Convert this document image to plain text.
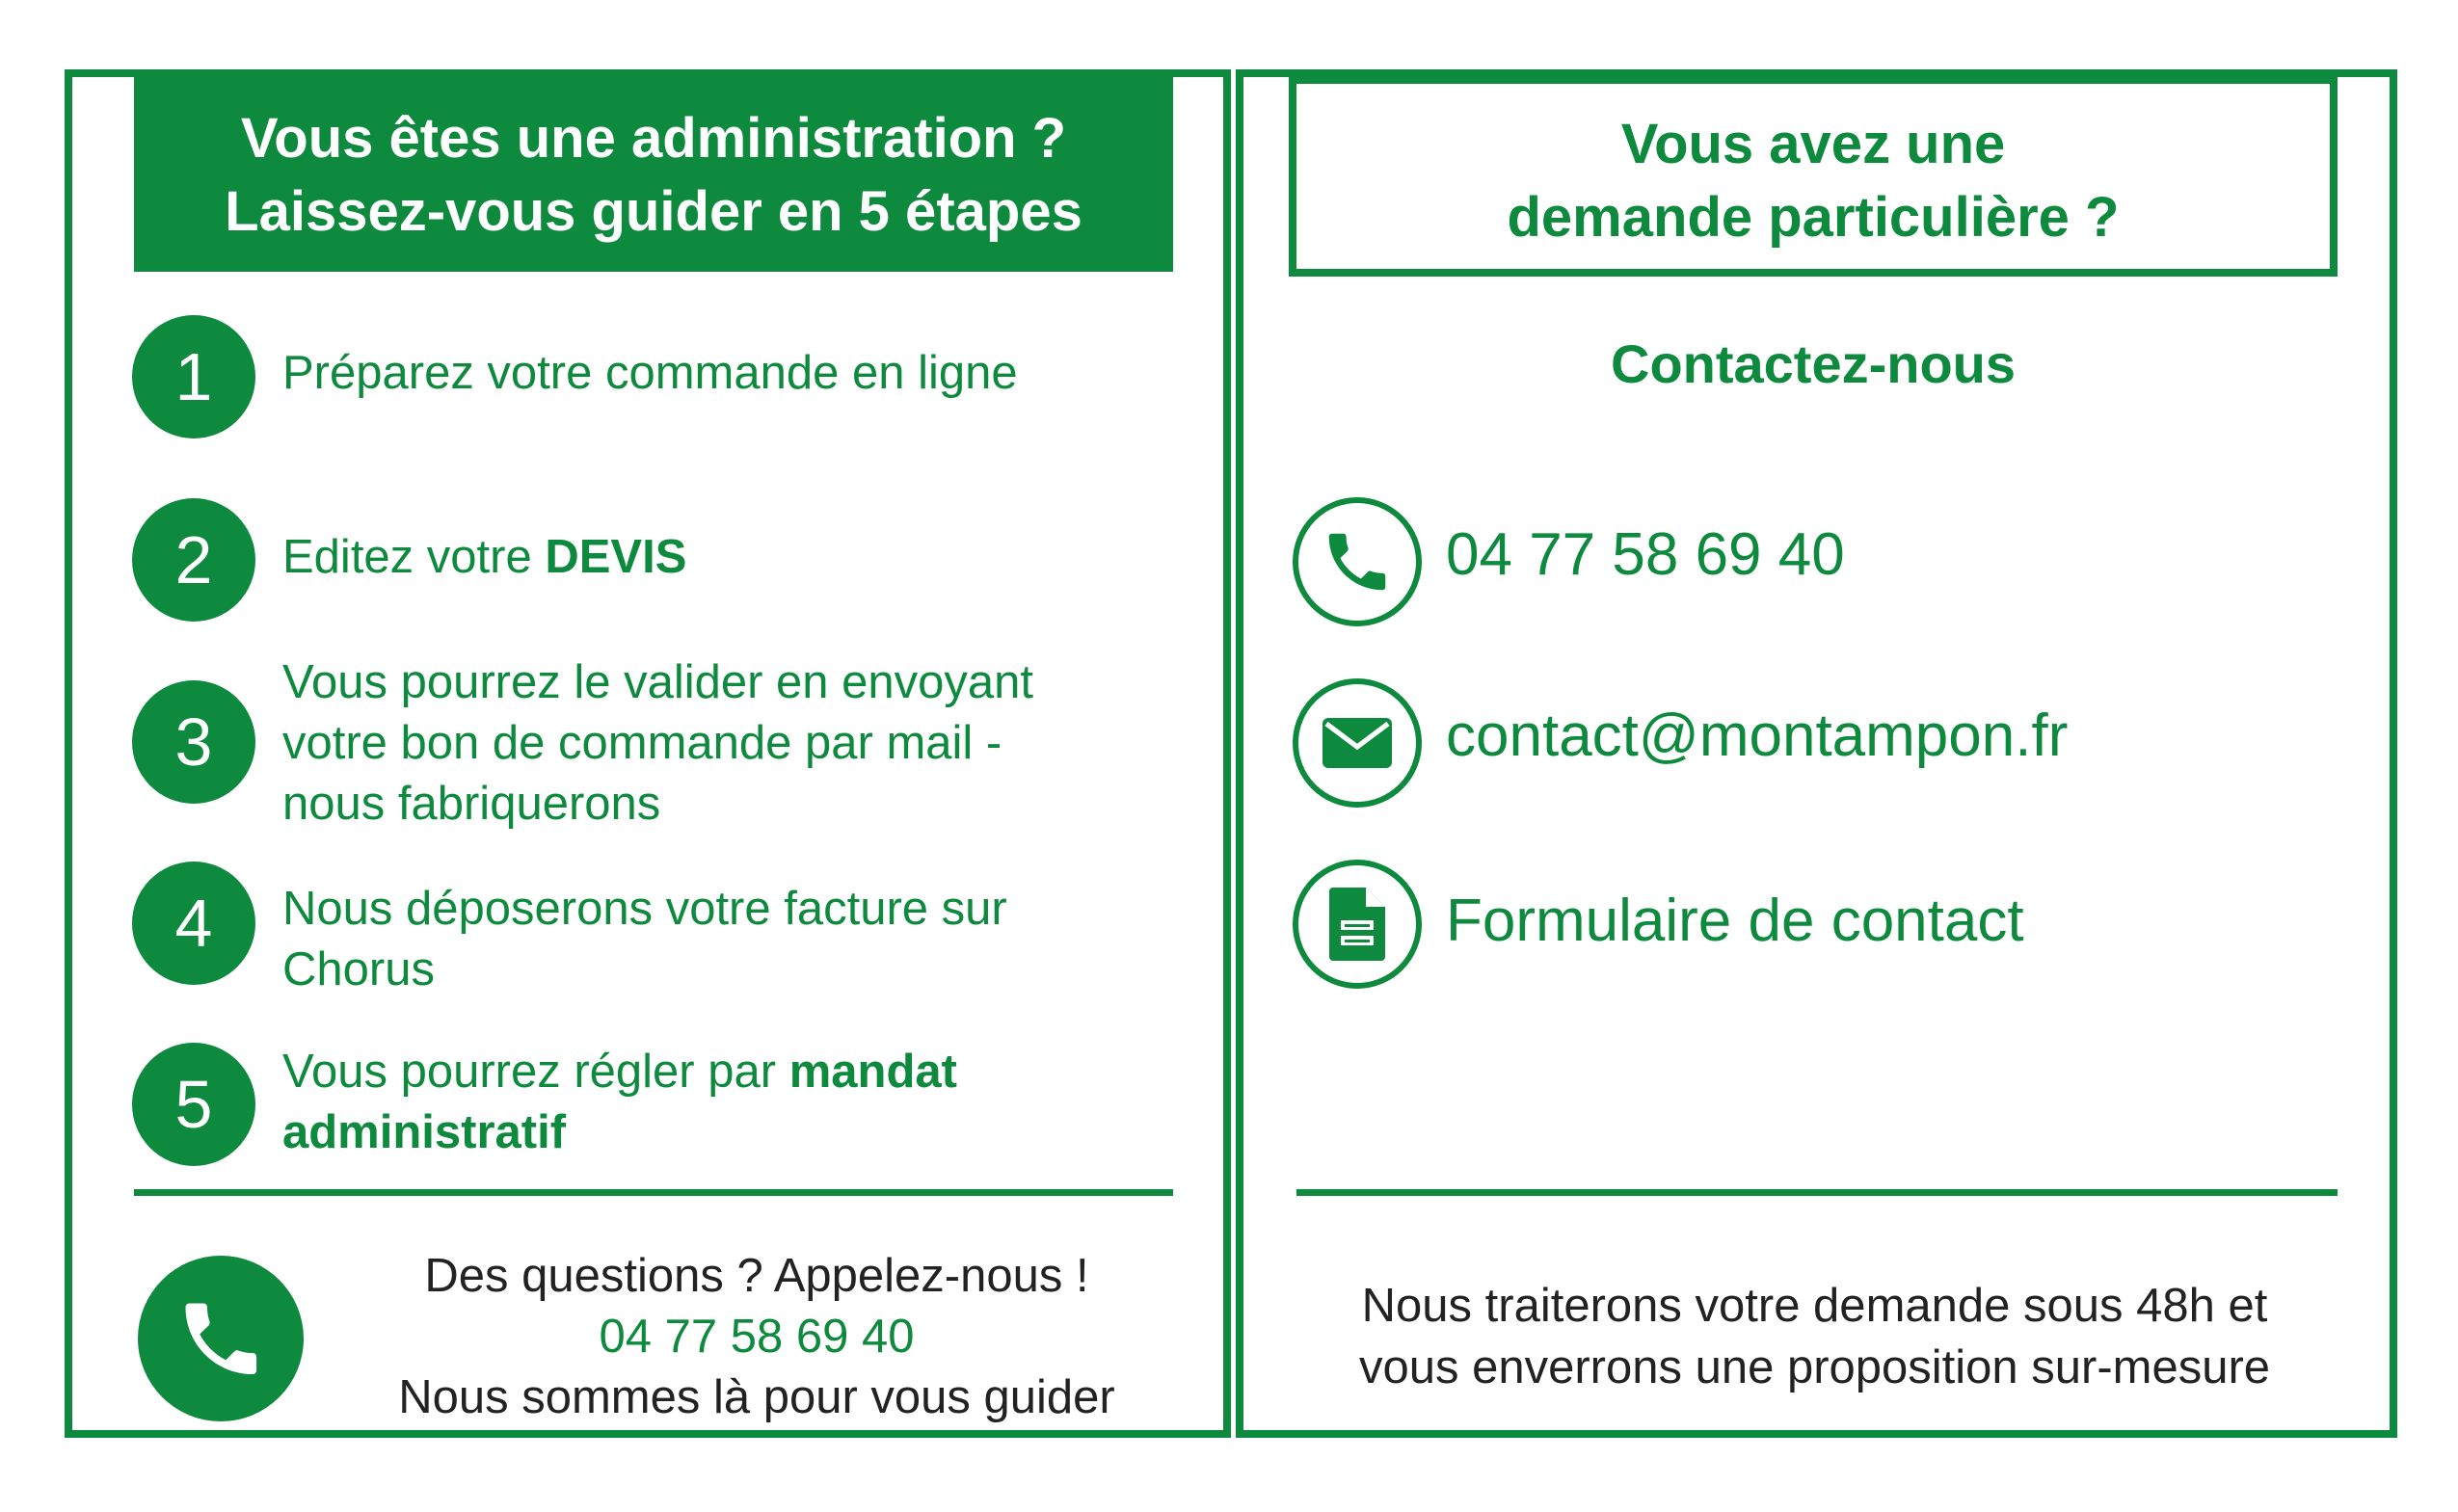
Vous êtes une administration ?
Laissez-vous guider en 5 étapes
1	Préparez votre commande en ligne
2	Editez votre DEVIS
3
Vous pourrez le valider en envoyant
votre bon de commande par mail -
nous fabriquerons
4	Nous déposerons votre facture sur
Chorus
5	Vous pourrez régler par mandat
administratif
Des questions ? Appelez-nous !
04 77 58 69 40
Nous sommes là pour vous guider
Vous avez une
demande particulière ?
Contactez-nous
04 77 58 69 40
contact@montampon.fr
Formulaire de contact
Nous traiterons votre demande sous 48h et
vous enverrons une proposition sur-mesure
